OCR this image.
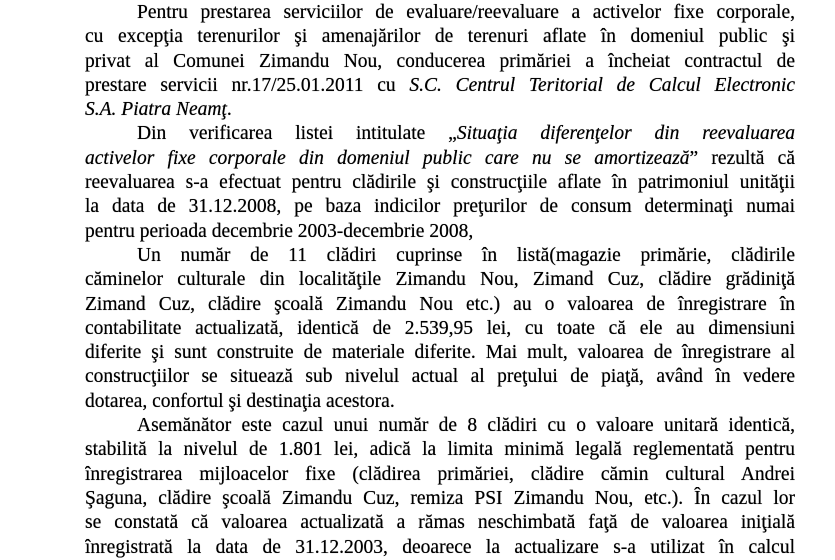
Pentru prestarea serviciilor de evaluare/reevaluare a activelor fixe corporale,
cu excepţia terenurilor şi amenajărilor de terenuri aflate în domeniul public şi
privat al Comunei Zimandu Nou, conducerea primăriei a încheiat contractul de
prestare servicii nr.17/25.01.2011 cu S.C. Centrul Teritorial de Calcul Electronic
S.A. Piatra Neamţ.

Din verificarea listei intitulate „Situaţia diferenţelor din reevaluarea
activelor fixe corporale din domeniul public care nu se amortizează” rezultă că
reevaluarea s-a efectuat pentru clădirile şi construcţiile aflate în patrimoniul unităţii
la data de 31.12.2008, pe baza indicilor preţurilor de consum determinaţi numai
pentru perioada decembrie 2003-decembrie 2008,

Un număr de 11 clădiri cuprinse în listă(magazie primărie, clădirile
căminelor culturale din localităţile Zimandu Nou, Zimand Cuz, clădire grădiniţă
Zimand Cuz, clădire şcoală Zimandu Nou etc.) au o valoarea de înregistrare în
contabilitate actualizată, identică de 2.539,95 lei, cu toate că ele au dimensiuni
diferite şi sunt construite de materiale diferite. Mai mult, valoarea de înregistrare al
construcţiilor se situează sub nivelul actual al preţului de piaţă, având în vedere
dotarea, confortul şi destinaţia acestora.

Asemănător este cazul unui număr de 8 clădiri cu o valoare unitară identică,
stabilită la nivelul de 1.801 lei, adică la limita minimă legală reglementată pentru
înregistrarea mijloacelor fixe (clădirea primăriei, clădire cămin cultural Andrei
Şaguna, clădire şcoală Zimandu Cuz, remiza PSI Zimandu Nou, etc.). În cazul lor
se constată că valoarea actualizată a rămas neschimbată faţă de valoarea iniţială
înregistrată la data de 31.12.2003, deoarece la actualizare s-a utilizat în calcul
